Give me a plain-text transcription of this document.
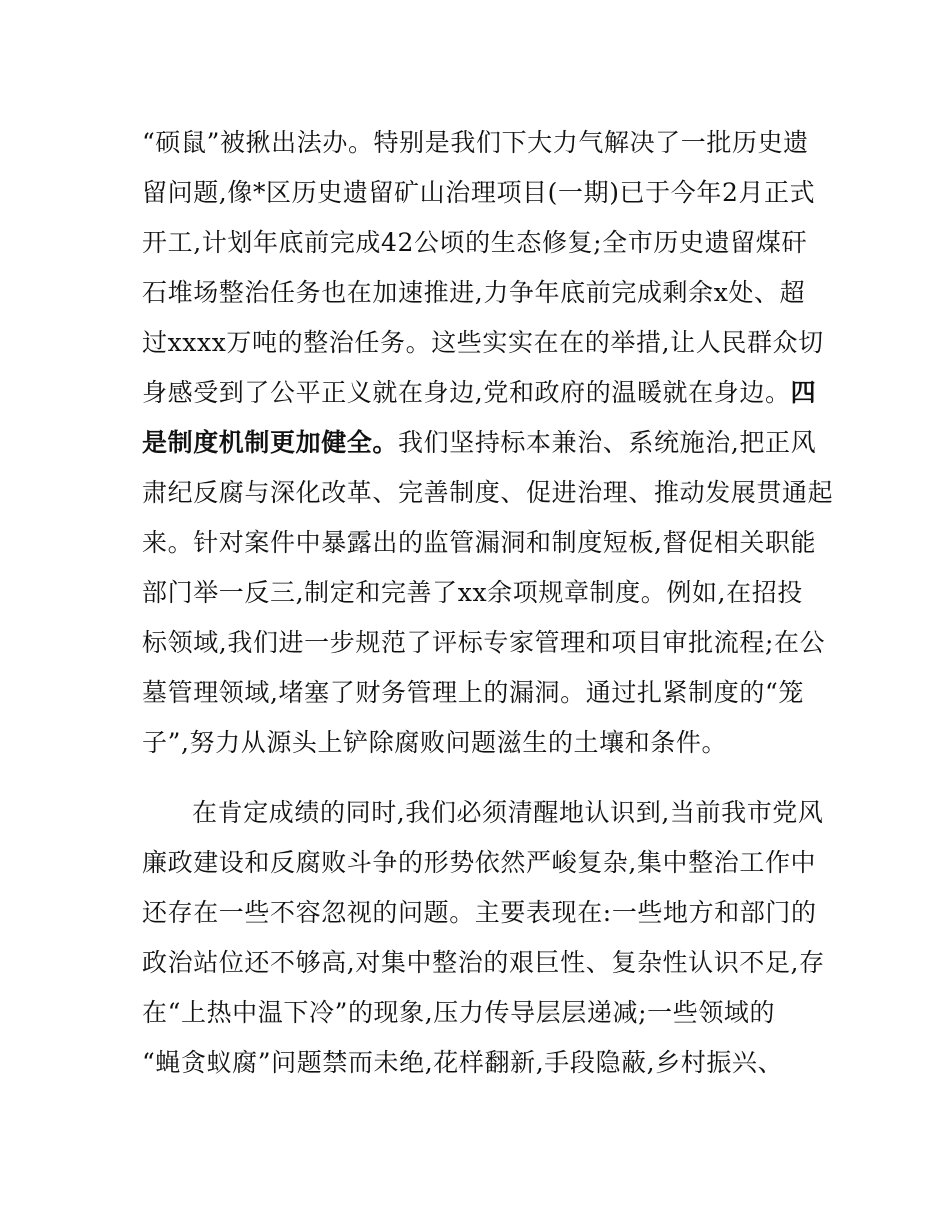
“硕鼠”被揪出法办。特别是我们下大力气解决了一批历史遗
留问题,像*区历史遗留矿山治理项目(一期)已于今年2月正式
开工,计划年底前完成42公顷的生态修复;全市历史遗留煤矸
石堆场整治任务也在加速推进,力争年底前完成剩余x处、超
过xxxx万吨的整治任务。这些实实在在的举措,让人民群众切
身感受到了公平正义就在身边,党和政府的温暖就在身边。四
是制度机制更加健全。我们坚持标本兼治、系统施治,把正风
肃纪反腐与深化改革、完善制度、促进治理、推动发展贯通起
来。针对案件中暴露出的监管漏洞和制度短板,督促相关职能
部门举一反三,制定和完善了xx余项规章制度。例如,在招投
标领域,我们进一步规范了评标专家管理和项目审批流程;在公
墓管理领域,堵塞了财务管理上的漏洞。通过扎紧制度的“笼
子”,努力从源头上铲除腐败问题滋生的土壤和条件。
在肯定成绩的同时,我们必须清醒地认识到,当前我市党风
廉政建设和反腐败斗争的形势依然严峻复杂,集中整治工作中
还存在一些不容忽视的问题。主要表现在:一些地方和部门的
政治站位还不够高,对集中整治的艰巨性、复杂性认识不足,存
在“上热中温下冷”的现象,压力传导层层递减;一些领域的
“蝇贪蚁腐”问题禁而未绝,花样翻新,手段隐蔽,乡村振兴、
